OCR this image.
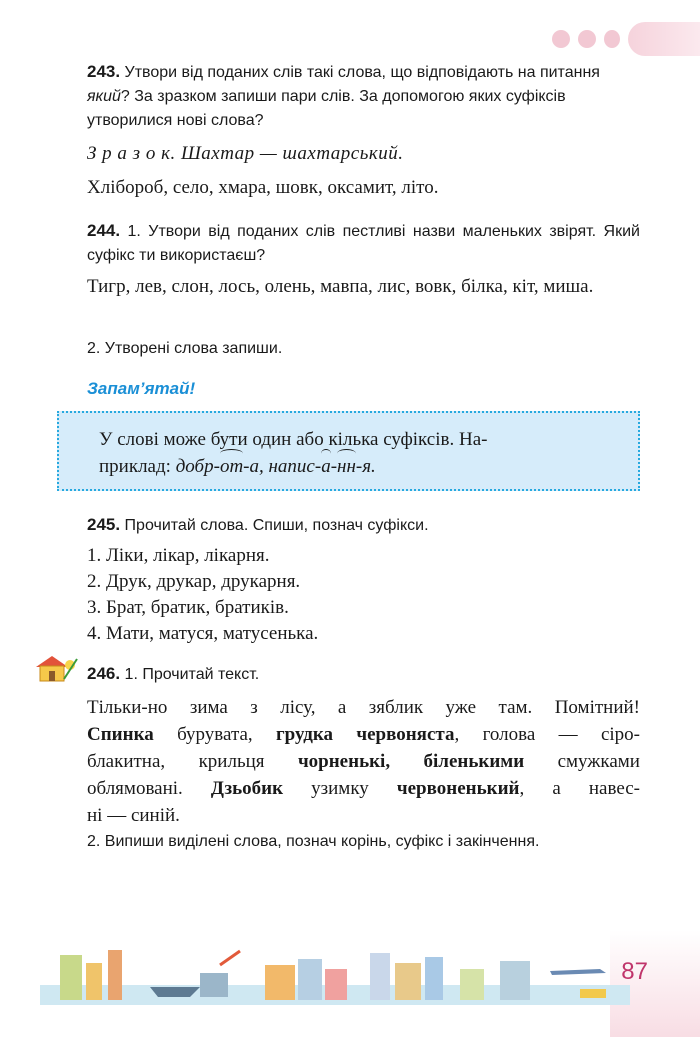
243. Утвори від поданих слів такі слова, що відповідають на питання який? За зразком запиши пари слів. За допомогою яких суфіксів утворилися нові слова?
З р а з о к. Шахтар — шахтарський.
Хлібороб, село, хмара, шовк, оксамит, літо.
244. 1. Утвори від поданих слів пестливі назви маленьких звірят. Який суфікс ти використаєш?
Тигр, лев, слон, лось, олень, мавпа, лис, вовк, білка, кіт, миша.
2. Утворені слова запиши.
Запам’ятай!
У слові може бути один або кілька суфіксів. На-
приклад: добр-от-а, напис-а-нн-я.
245. Прочитай слова. Спиши, познач суфікси.
1. Ліки, лікар, лікарня.
2. Друк, друкар, друкарня.
3. Брат, братик, братиків.
4. Мати, матуся, матусенька.
246. 1. Прочитай текст.
Тільки-но зима з лісу, а зяблик уже там. Помітний!
Спинка бурувата, грудка червоняста, голова — сіро-
блакитна, крильця чорненькі, біленькими смужками
облямовані. Дзьобик узимку червоненький, а навес-
ні — синій.
2. Випиши виділені слова, познач корінь, суфікс і закінчення.
87
